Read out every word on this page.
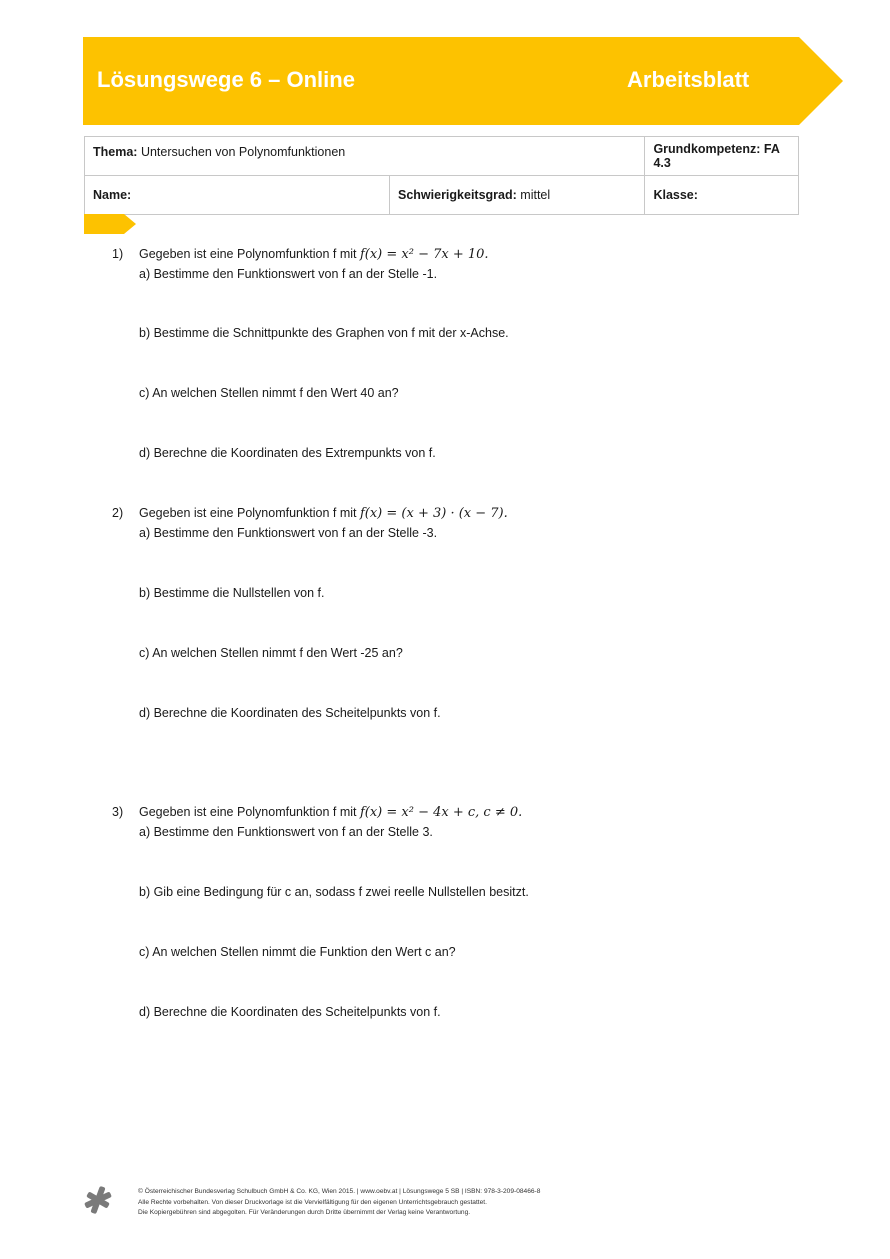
Lösungswege 6 – Online	Arbeitsblatt
Thema: Untersuchen von Polynomfunktionen		Grundkompetenz: FA 4.3
Name:	Schwierigkeitsgrad: mittel	Klasse:
1)	Gegeben ist eine Polynomfunktion f mit f(x) = x² − 7x + 10.
a) Bestimme den Funktionswert von f an der Stelle -1.
b) Bestimme die Schnittpunkte des Graphen von f mit der x-Achse.
c) An welchen Stellen nimmt f den Wert 40 an?
d) Berechne die Koordinaten des Extrempunkts von f.
2)	Gegeben ist eine Polynomfunktion f mit f(x) = (x + 3) · (x − 7).
a) Bestimme den Funktionswert von f an der Stelle -3.
b) Bestimme die Nullstellen von f.
c) An welchen Stellen nimmt f den Wert -25 an?
d) Berechne die Koordinaten des Scheitelpunkts von f.
3)	Gegeben ist eine Polynomfunktion f mit f(x) = x² − 4x + c, c ≠ 0.
a) Bestimme den Funktionswert von f an der Stelle 3.
b) Gib eine Bedingung für c an, sodass f zwei reelle Nullstellen besitzt.
c) An welchen Stellen nimmt die Funktion den Wert c an?
d) Berechne die Koordinaten des Scheitelpunkts von f.
© Österreichischer Bundesverlag Schulbuch GmbH & Co. KG, Wien 2015. | www.oebv.at | Lösungswege 5 SB | ISBN: 978-3-209-08466-8
Alle Rechte vorbehalten. Von dieser Druckvorlage ist die Vervielfältigung für den eigenen Unterrichtsgebrauch gestattet.
Die Kopiergebühren sind abgegolten. Für Veränderungen durch Dritte übernimmt der Verlag keine Verantwortung.
